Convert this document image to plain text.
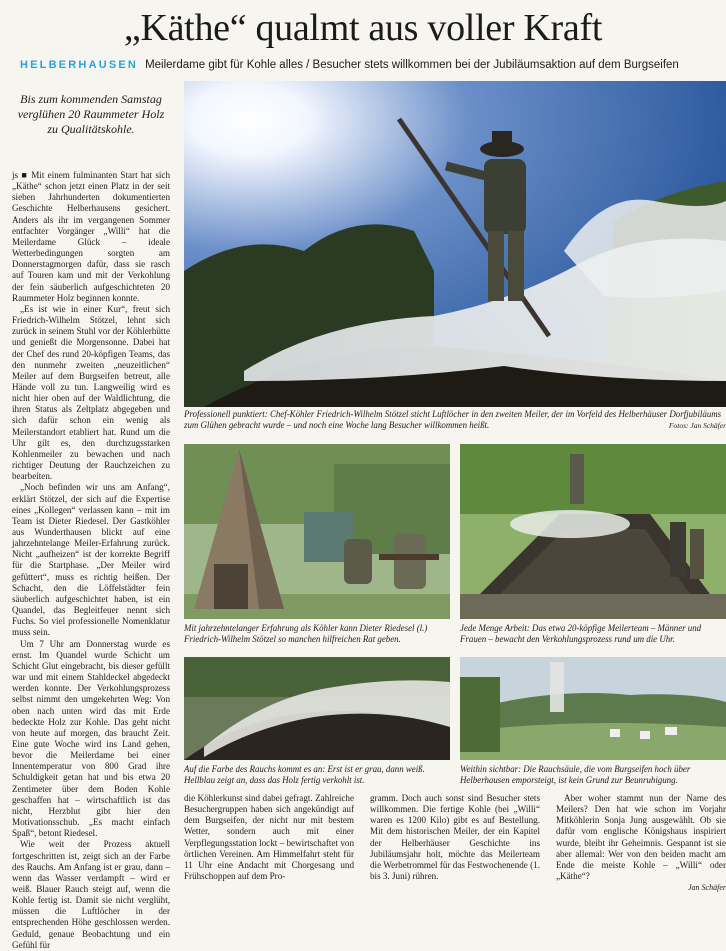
„Käthe“ qualmt aus voller Kraft
HELBERHAUSEN Meilerdame gibt für Kohle alles / Besucher stets willkommen bei der Jubiläumsaktion auf dem Burgseifen
Bis zum kommenden Samstag verglühen 20 Raummeter Holz zu Qualitätskohle.

js ■ Mit einem fulminanten Start hat sich „Käthe“ schon jetzt einen Platz in der seit sieben Jahrhunderten dokumentierten Geschichte Helberhausens gesichert. Anders als ihr im vergangenen Sommer entfachter Vorgänger „Willi“ hat die Meilerdame Glück – ideale Wetterbedingungen sorgten am Donnerstagmorgen dafür, dass sie rasch auf Touren kam und mit der Verkohlung der fein säuberlich aufgeschichteten 20 Raummeter Holz beginnen konnte.

„Es ist wie in einer Kur“, freut sich Friedrich-Wilhelm Stötzel, lehnt sich zurück in seinem Stuhl vor der Köhlerhütte und genießt die Morgensonne. Dabei hat der Chef des rund 20-köpfigen Teams, das den nunmehr zweiten „neuzeitlichen“ Meiler auf dem Burgseifen betreut, alle Hände voll zu tun. Langweilig wird es nicht hier oben auf der Waldlichtung, die ihren Status als Zeltplatz abgegeben und sich dafür schon ein wenig als Meilerstandort etabliert hat. Rund um die Uhr gilt es, den durchzugsstarken Kohlenmeiler zu bewachen und nach richtiger Deutung der Rauchzeichen zu bearbeiten.

„Noch befinden wir uns am Anfang“, erklärt Stötzel, der sich auf die Expertise eines „Kollegen“ verlassen kann – mit im Team ist Dieter Riedesel. Der Gastköhler aus Wunderthausen blickt auf eine jahrzehntelange Meiler-Erfahrung zurück. Nicht „aufheizen“ ist der korrekte Begriff für die Startphase. „Der Meiler wird gefüttert“, muss es richtig heißen. Der Schacht, den die Löffelstädter fein säuberlich aufgeschichtet haben, ist ein Quandel, das Begleitfeuer nennt sich Fuchs. So viel professionelle Nomenklatur muss sein.

Um 7 Uhr am Donnerstag wurde es ernst. Im Quandel wurde Schicht um Schicht Glut eingebracht, bis dieser gefüllt war und mit einem Stahldeckel abgedeckt werden konnte. Der Verkohlungsprozess selbst nimmt den umgekehrten Weg: Von oben nach unten wird das mit Erde bedeckte Holz zur Kohle. Das geht nicht von heute auf morgen, das braucht Zeit. Eine gute Woche wird ins Land gehen, bevor die Meilerdame bei einer Innentemperatur von 800 Grad ihre Schuldigkeit getan hat und bis etwa 20 Zentimeter über dem Boden Kohle geschaffen hat – wirtschaftlich ist das nicht, Herzblut gibt hier den Motivationsschub. „Es macht einfach Spaß“, betont Riedesel.

Wie weit der Prozess aktuell fortgeschritten ist, zeigt sich an der Farbe des Rauchs. Am Anfang ist er grau, dann – wenn das Wasser verdampft – wird er weiß. Blauer Rauch steigt auf, wenn die Kohle fertig ist. Damit sie nicht verglüht, müssen die Luftlöcher in der entsprechenden Höhe geschlossen werden. Geduld, genaue Beobachtung und ein Gefühl für

Professionell punktiert: Chef-Köhler Friedrich-Wilhelm Stötzel sticht Luftlöcher in den zweiten Meiler, der im Vorfeld des Helberhäuser Dorfjubiläums zum Glühen gebracht wurde – und noch eine Woche lang Besucher willkommen heißt.	Fotos: Jan Schäfer
Mit jahrzehntelanger Erfahrung als Köhler kann Dieter Riedesel (l.) Friedrich-Wilhelm Stötzel so manchen hilfreichen Rat geben.
Jede Menge Arbeit: Das etwa 20-köpfige Meilerteam – Männer und Frauen – bewacht den Verkohlungsprozess rund um die Uhr.
Auf die Farbe des Rauchs kommt es an: Erst ist er grau, dann weiß. Hellblau zeigt an, dass das Holz fertig verkohlt ist.
Weithin sichtbar: Die Rauchsäule, die vom Burgseifen hoch über Helberhausen emporsteigt, ist kein Grund zur Beunruhigung.

die Köhlerkunst sind dabei gefragt. Zahlreiche Besuchergruppen haben sich angekündigt auf dem Burgseifen, der nicht nur mit bestem Wetter, sondern auch mit einer Verpflegungsstation lockt – bewirtschaftet von örtlichen Vereinen. Am Himmelfahrt steht für 11 Uhr eine Andacht mit Chorgesang und Frühschoppen auf dem Pro-

gramm. Doch auch sonst sind Besucher stets willkommen. Die fertige Kohle (bei „Willi“ waren es 1200 Kilo) gibt es auf Bestellung. Mit dem historischen Meiler, der ein Kapitel der Helberhäuser Geschichte ins Jubiläumsjahr holt, möchte das Meilerteam die Werbetrommel für das Festwochenende (1. bis 3. Juni) rühren.

Aber woher stammt nun der Name des Meilers? Den hat wie schon im Vorjahr Mitköhlerin Sonja Jung ausgewählt. Ob sie dafür vom englische Königshaus inspiriert wurde, bleibt ihr Geheimnis. Gespannt ist sie aber allemal: Wer von den beiden macht am Ende die meiste Kohle – „Willi“ oder „Käthe“?

Jan Schäfer
